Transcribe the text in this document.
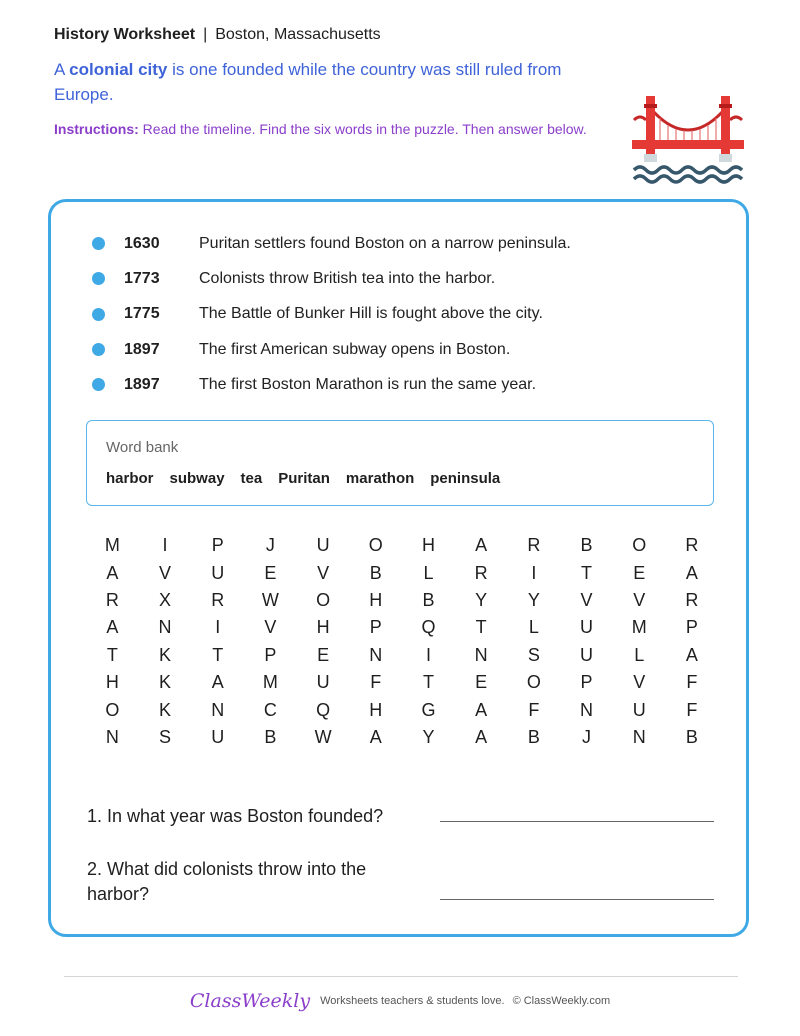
History Worksheet | Boston, Massachusetts
A colonial city is one founded while the country was still ruled from Europe.
Instructions: Read the timeline. Find the six words in the puzzle. Then answer below.
1630 Puritan settlers found Boston on a narrow peninsula.
1773 Colonists throw British tea into the harbor.
1775 The Battle of Bunker Hill is fought above the city.
1897 The first American subway opens in Boston.
1897 The first Boston Marathon is run the same year.
Word bank
harbor subway tea Puritan marathon peninsula
M	I	P	J	U	O	H	A	R	B	O	R
A	V	U	E	V	B	L	R	I	T	E	A
R	X	R	W	O	H	B	Y	Y	V	V	R
A	N	I	V	H	P	Q	T	L	U	M	P
T	K	T	P	E	N	I	N	S	U	L	A
H	K	A	M	U	F	T	E	O	P	V	F
O	K	N	C	Q	H	G	A	F	N	U	F
N	S	U	B	W	A	Y	A	B	J	N	B
1. In what year was Boston founded?
2. What did colonists throw into the harbor?
ClassWeekly Worksheets teachers & students love. © ClassWeekly.com
